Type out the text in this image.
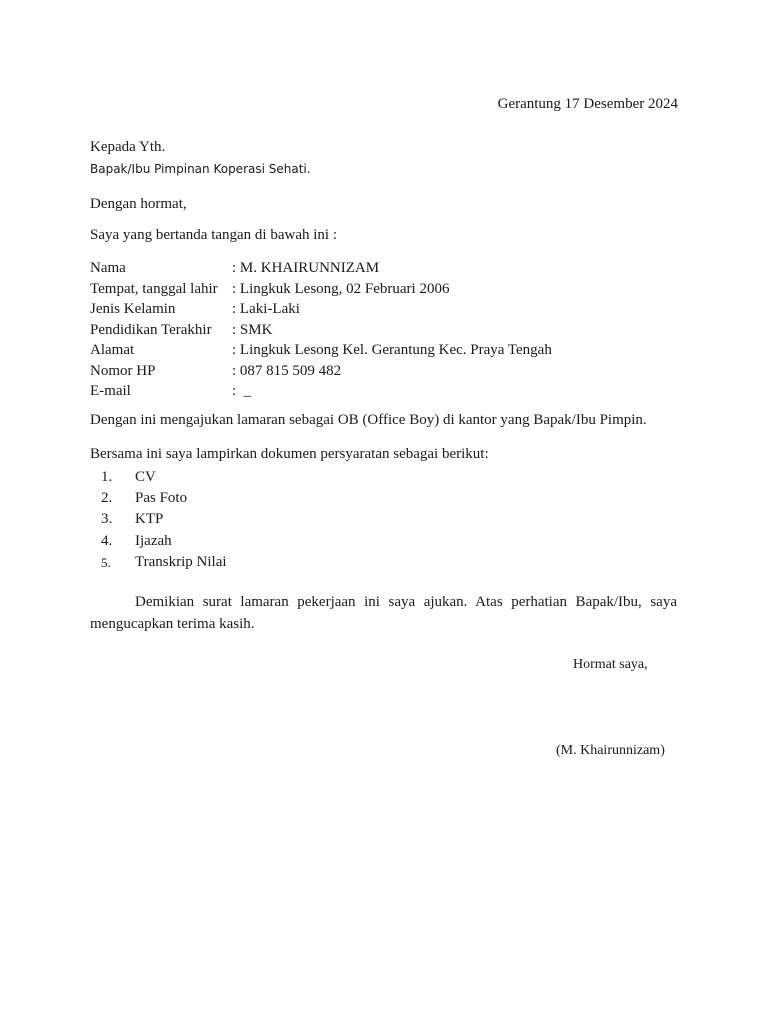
Gerantung 17 Desember 2024
Kepada Yth.
Bapak/Ibu Pimpinan Koperasi Sehati.
Dengan hormat,
Saya yang bertanda tangan di bawah ini :
Nama	: M. KHAIRUNNIZAM
Tempat, tanggal lahir : Lingkuk Lesong, 02 Februari 2006
Jenis Kelamin	: Laki-Laki
Pendidikan Terakhir	: SMK
Alamat	: Lingkuk Lesong Kel. Gerantung Kec. Praya Tengah
Nomor HP	: 087 815 509 482
E-mail	:  _
Dengan ini mengajukan lamaran sebagai OB (Office Boy) di kantor yang Bapak/Ibu Pimpin.
Bersama ini saya lampirkan dokumen persyaratan sebagai berikut:
1.	CV
2.	Pas Foto
3.	KTP
4.	Ijazah
5.	Transkrip Nilai
Demikian surat lamaran pekerjaan ini saya ajukan. Atas perhatian Bapak/Ibu, saya mengucapkan terima kasih.
Hormat saya,
(M. Khairunnizam)
